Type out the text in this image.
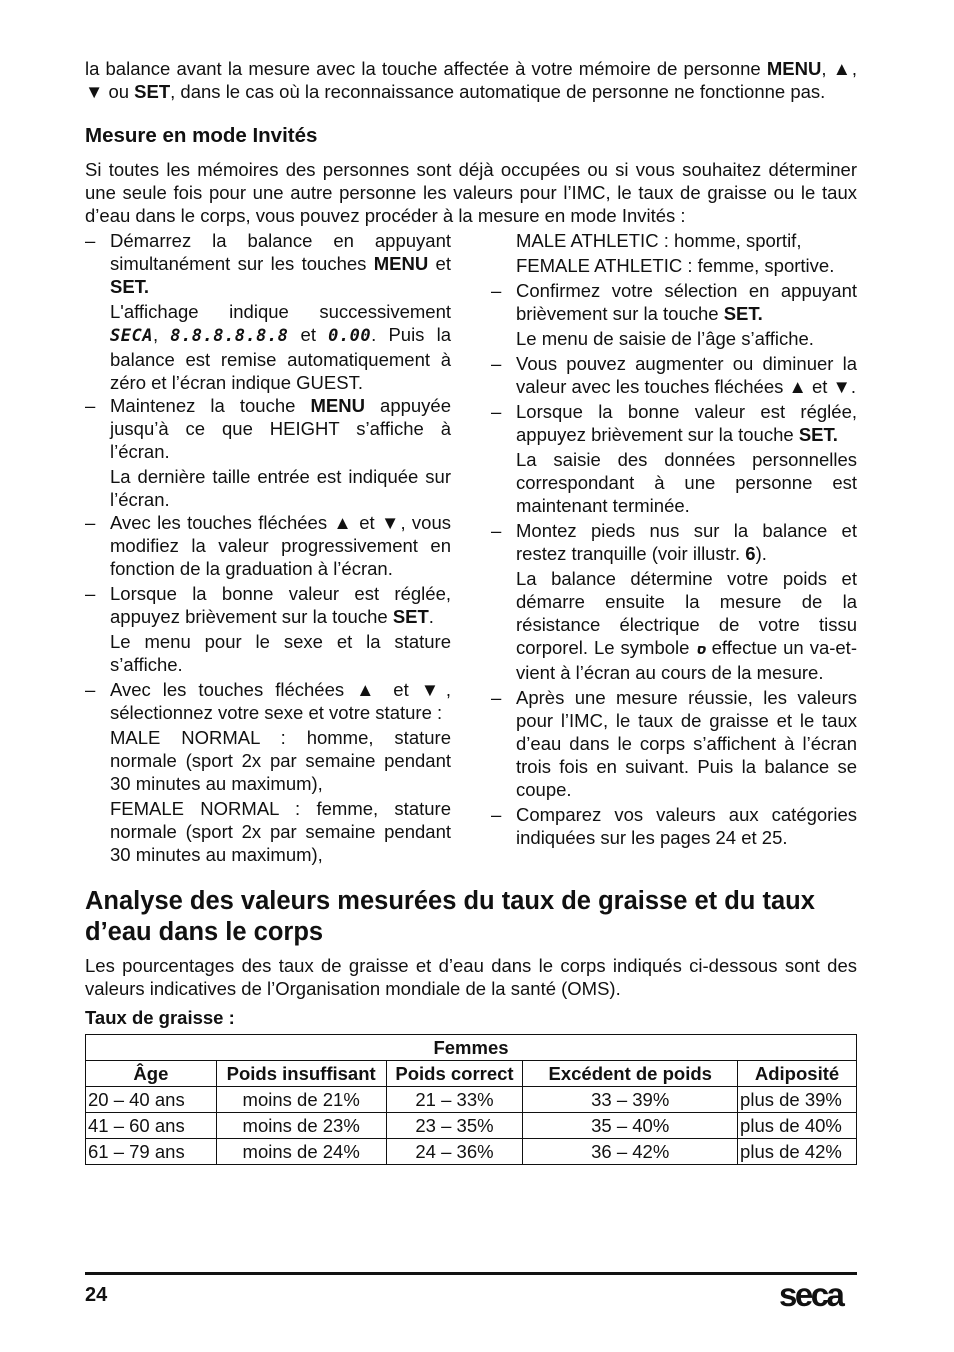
la balance avant la mesure avec la touche affectée à votre mémoire de personne MENU, ▲, ▼ ou SET, dans le cas où la reconnaissance automatique de personne ne fonctionne pas.

Mesure en mode Invités

Si toutes les mémoires des personnes sont déjà occupées ou si vous souhaitez déterminer une seule fois pour une autre personne les valeurs pour l’IMC, le taux de graisse ou le taux d’eau dans le corps, vous pouvez procéder à la mesure en mode Invités :

– Démarrez la balance en appuyant simultanément sur les touches MENU et SET.

L'affichage indique successivement SECA, 8.8.8.8.8.8 et 0.00. Puis la balance est remise automatiquement à zéro et l’écran indique GUEST.

– Maintenez la touche MENU appuyée jusqu’à ce que HEIGHT s’affiche à l’écran.

La dernière taille entrée est indiquée sur l’écran.

– Avec les touches fléchées ▲ et ▼, vous modifiez la valeur progressivement en fonction de la graduation à l’écran.
– Lorsque la bonne valeur est réglée, appuyez brièvement sur la touche SET.

Le menu pour le sexe et la stature s’affiche.

– Avec les touches fléchées ▲ et ▼, sélectionnez votre sexe et votre stature :

MALE NORMAL : homme, stature normale (sport 2x par semaine pendant 30 minutes au maximum),

FEMALE NORMAL : femme, stature normale (sport 2x par semaine pendant 30 minutes au maximum),

MALE ATHLETIC : homme, sportif,

FEMALE ATHLETIC : femme, sportive.

– Confirmez votre sélection en appuyant brièvement sur la touche SET.

Le menu de saisie de l’âge s’affiche.

– Vous pouvez augmenter ou diminuer la valeur avec les touches fléchées ▲ et ▼.
– Lorsque la bonne valeur est réglée, appuyez brièvement sur la touche SET.

La saisie des données personnelles correspondant à une personne est maintenant terminée.

– Montez pieds nus sur la balance et restez tranquille (voir illustr. 6).

La balance détermine votre poids et démarre ensuite la mesure de la résistance électrique de votre tissu corporel. Le symbole ס effectue un va-et-vient à l’écran au cours de la mesure.

– Après une mesure réussie, les valeurs pour l’IMC, le taux de graisse et le taux d’eau dans le corps s’affichent à l’écran trois fois en suivant. Puis la balance se coupe.
– Comparez vos valeurs aux catégories indiquées sur les pages 24 et 25.
Analyse des valeurs mesurées du taux de graisse et du taux d’eau dans le corps

Les pourcentages des taux de graisse et d’eau dans le corps indiqués ci-dessous sont des valeurs indicatives de l’Organisation mondiale de la santé (OMS).

Taux de graisse :

Femmes				
Âge	Poids insuffisant	Poids correct	Excédent de poids	Adiposité
20 – 40 ans	moins de 21%	21 – 33%	33 – 39%	plus de 39%
41 – 60 ans	moins de 23%	23 – 35%	35 – 40%	plus de 40%
61 – 79 ans	moins de 24%	24 – 36%	36 – 42%	plus de 42%
24	seca
